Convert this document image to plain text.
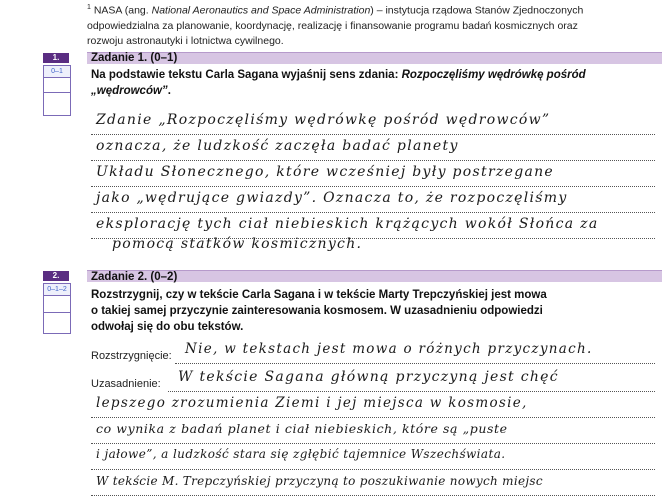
$^1$ NASA (ang. National Aeronautics and Space Administration) – instytucja rządowa Stanów Zjednoczonych
odpowiedzialna za planowanie, koordynację, realizację i finansowanie programu badań kosmicznych oraz
rozwoju astronautyki i lotnictwa cywilnego.
1.
0–1
Zadanie 1. (0–1)
Na podstawie tekstu Carla Sagana wyjaśnij sens zdania: Rozpoczęliśmy wędrówkę pośród „wędrowców”.
Zdanie „Rozpoczęliśmy wędrówkę pośród wędrowców”
oznacza, że ludzkość zaczęła badać planety
Układu Słonecznego, które wcześniej były postrzegane
jako „wędrujące gwiazdy”. Oznacza to, że rozpoczęliśmy
eksplorację tych ciał niebieskich krążących wokół Słońca za
pomocą statków kosmicznych.
2.
0–1–2
Zadanie 2. (0–2)
Rozstrzygnij, czy w tekście Carla Sagana i w tekście Marty Trepczyńskiej jest mowa
o takiej samej przyczynie zainteresowania kosmosem. W uzasadnieniu odpowiedzi
odwołaj się do obu tekstów.
Rozstrzygnięcie: Nie, w tekstach jest mowa o różnych przyczynach.
Uzasadnienie: W tekście Sagana główną przyczyną jest chęć
lepszego zrozumienia Ziemi i jej miejsca w kosmosie,
co wynika z badań planet i ciał niebieskich, które są „puste
i jałowe”, a ludzkość stara się zgłębić tajemnice Wszechświata.
W tekście M. Trepczyńskiej przyczyną to poszukiwanie nowych miejsc
